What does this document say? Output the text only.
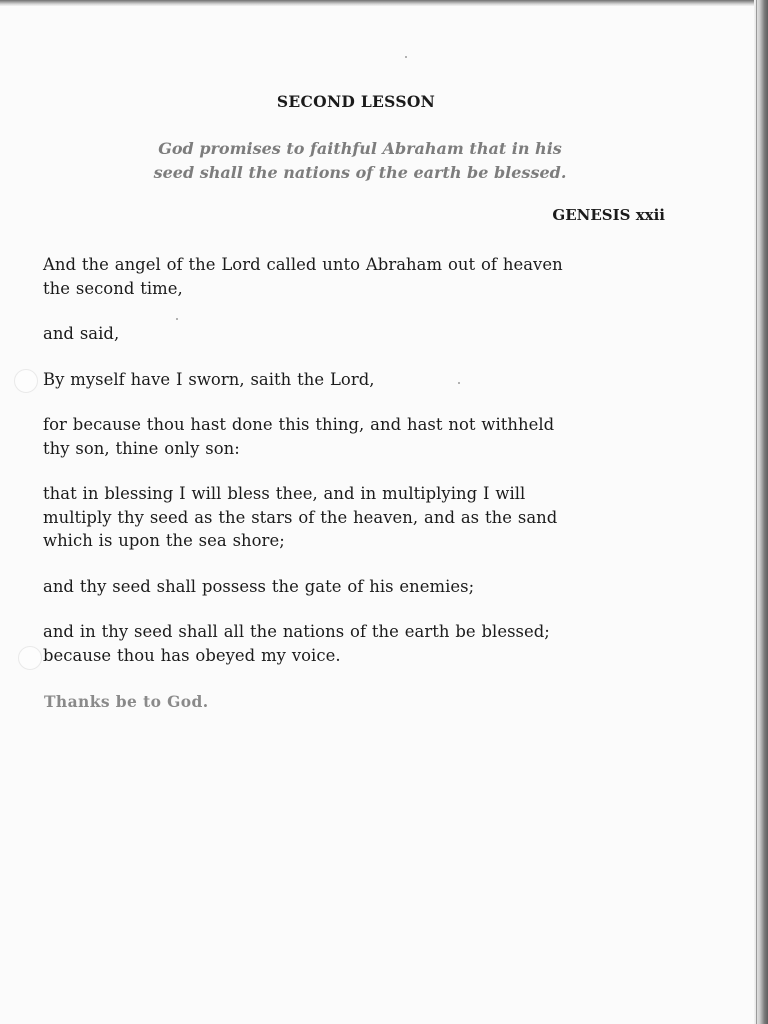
SECOND LESSON
God promises to faithful Abraham that in his
seed shall the nations of the earth be blessed.
GENESIS xxii
And the angel of the Lord called unto Abraham out of heaven
the second time,
and said,
By myself have I sworn, saith the Lord,
for because thou hast done this thing, and hast not withheld
thy son, thine only son:
that in blessing I will bless thee, and in multiplying I will
multiply thy seed as the stars of the heaven, and as the sand
which is upon the sea shore;
and thy seed shall possess the gate of his enemies;
and in thy seed shall all the nations of the earth be blessed;
because thou has obeyed my voice.
Thanks be to God.
